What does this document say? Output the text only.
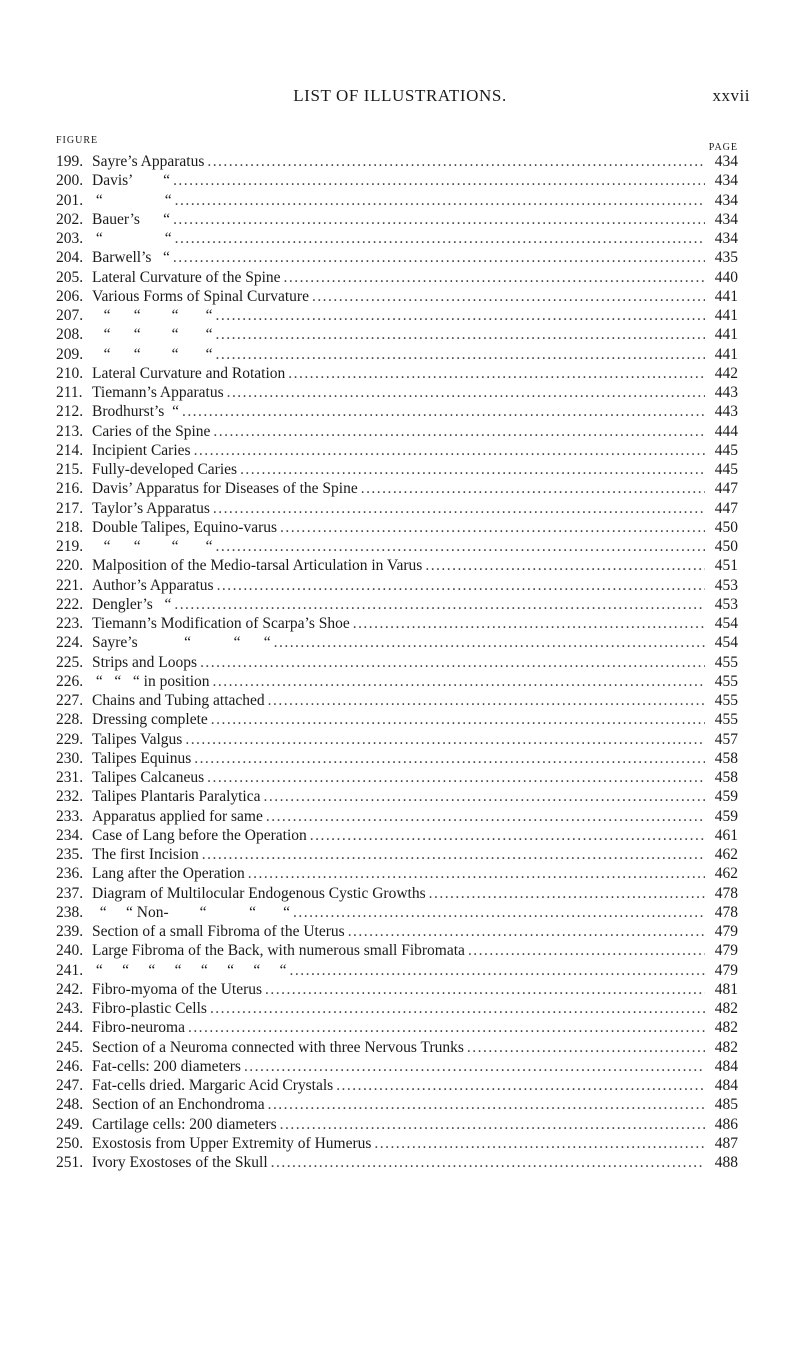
LIST OF ILLUSTRATIONS.	xxvii
FIGURE
PAGE
199. Sayre’s Apparatus . . .	434
200. Davis’        “ . . .	434
201. “                “ . . .	434
202. Bauer’s      “ . . .	434
203. “                “ . . .	434
204. Barwell’s   “ . . .	435
205. Lateral Curvature of the Spine . . .	440
206. Various Forms of Spinal Curvature . . .	441
207. “      “        “       “ . . .	441
208. “      “        “       “ . . .	441
209. “      “        “       “ . . .	441
210. Lateral Curvature and Rotation . . .	442
211. Tiemann’s Apparatus . . .	443
212. Brodhurst’s  “ . . .	443
213. Caries of the Spine . . .	444
214. Incipient Caries . . .	445
215. Fully-developed Caries . . .	445
216. Davis’ Apparatus for Diseases of the Spine . . .	447
217. Taylor’s Apparatus . . .	447
218. Double Talipes, Equino-varus . . .	450
219. “      “        “       “ . . .	450
220. Malposition of the Medio-tarsal Articulation in Varus . . .	451
221. Author’s Apparatus . . .	453
222. Dengler’s   “ . . .	453
223. Tiemann’s Modification of Scarpa’s Shoe . . .	454
224. Sayre’s            “           “      “ . . .	454
225. Strips and Loops . . .	455
226. “   “   “ in position . . .	455
227. Chains and Tubing attached . . .	455
228. Dressing complete . . .	455
229. Talipes Valgus . . .	457
230. Talipes Equinus . . .	458
231. Talipes Calcaneus . . .	458
232. Talipes Plantaris Paralytica . . .	459
233. Apparatus applied for same . . .	459
234. Case of Lang before the Operation . . .	461
235. The first Incision . . .	462
236. Lang after the Operation . . .	462
237. Diagram of Multilocular Endogenous Cystic Growths . . .	478
238. “     “ Non-        “           “       “ . . .	478
239. Section of a small Fibroma of the Uterus . . .	479
240. Large Fibroma of the Back, with numerous small Fibromata . . .	479
241. “     “     “     “     “     “     “     “ . . .	479
242. Fibro-myoma of the Uterus . . .	481
243. Fibro-plastic Cells . . .	482
244. Fibro-neuroma . . .	482
245. Section of a Neuroma connected with three Nervous Trunks . . .	482
246. Fat-cells: 200 diameters . . .	484
247. Fat-cells dried. Margaric Acid Crystals . . .	484
248. Section of an Enchondroma . . .	485
249. Cartilage cells: 200 diameters . . .	486
250. Exostosis from Upper Extremity of Humerus . . .	487
251. Ivory Exostoses of the Skull . . .	488
